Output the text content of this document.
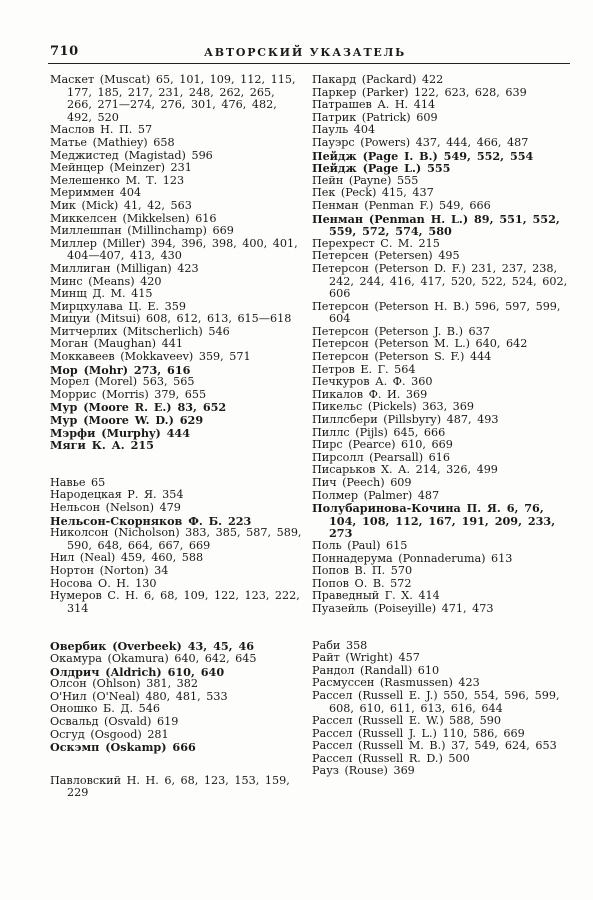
710	АВТОРСКИЙ УКАЗАТЕЛЬ
Маскет (Muscat) 65, 101, 109, 112, 115, 177, 185, 217, 231, 248, 262, 265, 266, 271—274, 276, 301, 476, 482, 492, 520
Маслов Н. П. 57
Матье (Mathiey) 658
Меджистед (Magistad) 596
Мейнцер (Meinzer) 231
Мелешенко М. Т. 123
Мериммен 404
Мик (Mick) 41, 42, 563
Миккелсен (Mikkelsen) 616
Миллешпан (Millinchamp) 669
Миллер (Miller) 394, 396, 398, 400, 401, 404—407, 413, 430
Миллиган (Milligan) 423
Минс (Means) 420
Минщ Д. М. 415
Мирцхулава Ц. Е. 359
Мицуи (Mitsui) 608, 612, 613, 615—618
Митчерлих (Mitscherlich) 546
Моган (Maughan) 441
Моккавеев (Mokkaveev) 359, 571
Мор (Mohr) 273, 616
Морел (Morel) 563, 565
Моррис (Morris) 379, 655
Мур (Moore R. E.) 83, 652
Мур (Moore W. D.) 629
Мэрфи (Murphy) 444
Мяги К. А. 215
Навье 65
Народецкая Р. Я. 354
Нельсон (Nelson) 479
Нельсон-Скорняков Ф. Б. 223
Николсон (Nicholson) 383, 385, 587, 589, 590, 648, 664, 667, 669
Нил (Neal) 459, 460, 588
Нортон (Norton) 34
Носова О. Н. 130
Нумеров С. Н. 6, 68, 109, 122, 123, 222, 314
Овербик (Overbeek) 43, 45, 46
Окамура (Okamura) 640, 642, 645
Олдрич (Aldrich) 610, 640
Олсон (Ohlson) 381, 382
О'Нил (O'Neal) 480, 481, 533
Оношко Б. Д. 546
Освальд (Osvald) 619
Осгуд (Osgood) 281
Оскэмп (Oskamp) 666
Павловский Н. Н. 6, 68, 123, 153, 159, 229
Пакард (Packard) 422
Паркер (Parker) 122, 623, 628, 639
Патрашев А. Н. 414
Патрик (Patrick) 609
Пауль 404
Пауэрс (Powers) 437, 444, 466, 487
Пейдж (Page I. B.) 549, 552, 554
Пейдж (Page L.) 555
Пейн (Payne) 555
Пек (Peck) 415, 437
Пенман (Penman F.) 549, 666
Пенман (Penman H. L.) 89, 551, 552, 559, 572, 574, 580
Перехрест С. М. 215
Петерсен (Petersen) 495
Петерсон (Peterson D. F.) 231, 237, 238, 242, 244, 416, 417, 520, 522, 524, 602, 606
Петерсон (Peterson H. B.) 596, 597, 599, 604
Петерсон (Peterson J. B.) 637
Петерсон (Peterson M. L.) 640, 642
Петерсон (Peterson S. F.) 444
Петров Е. Г. 564
Печкуров А. Ф. 360
Пикалов Ф. И. 369
Пикельс (Pickels) 363, 369
Пиллсбери (Pillsbyry) 487, 493
Пиллс (Pijls) 645, 666
Пирс (Pearce) 610, 669
Пирсолл (Pearsall) 616
Писарьков Х. А. 214, 326, 499
Пич (Peech) 609
Полмер (Palmer) 487
Полубаринова-Кочина П. Я. 6, 76, 104, 108, 112, 167, 191, 209, 233, 273
Поль (Paul) 615
Поннадерума (Ponnaderuma) 613
Попов В. П. 570
Попов О. В. 572
Праведный Г. Х. 414
Пуазейль (Poiseyille) 471, 473
Раби 358
Райт (Wright) 457
Рандол (Randall) 610
Расмуссен (Rasmussen) 423
Рассел (Russell E. J.) 550, 554, 596, 599, 608, 610, 611, 613, 616, 644
Рассел (Russell E. W.) 588, 590
Рассел (Russell J. L.) 110, 586, 669
Рассел (Russell M. B.) 37, 549, 624, 653
Рассел (Russell R. D.) 500
Рауз (Rouse) 369
